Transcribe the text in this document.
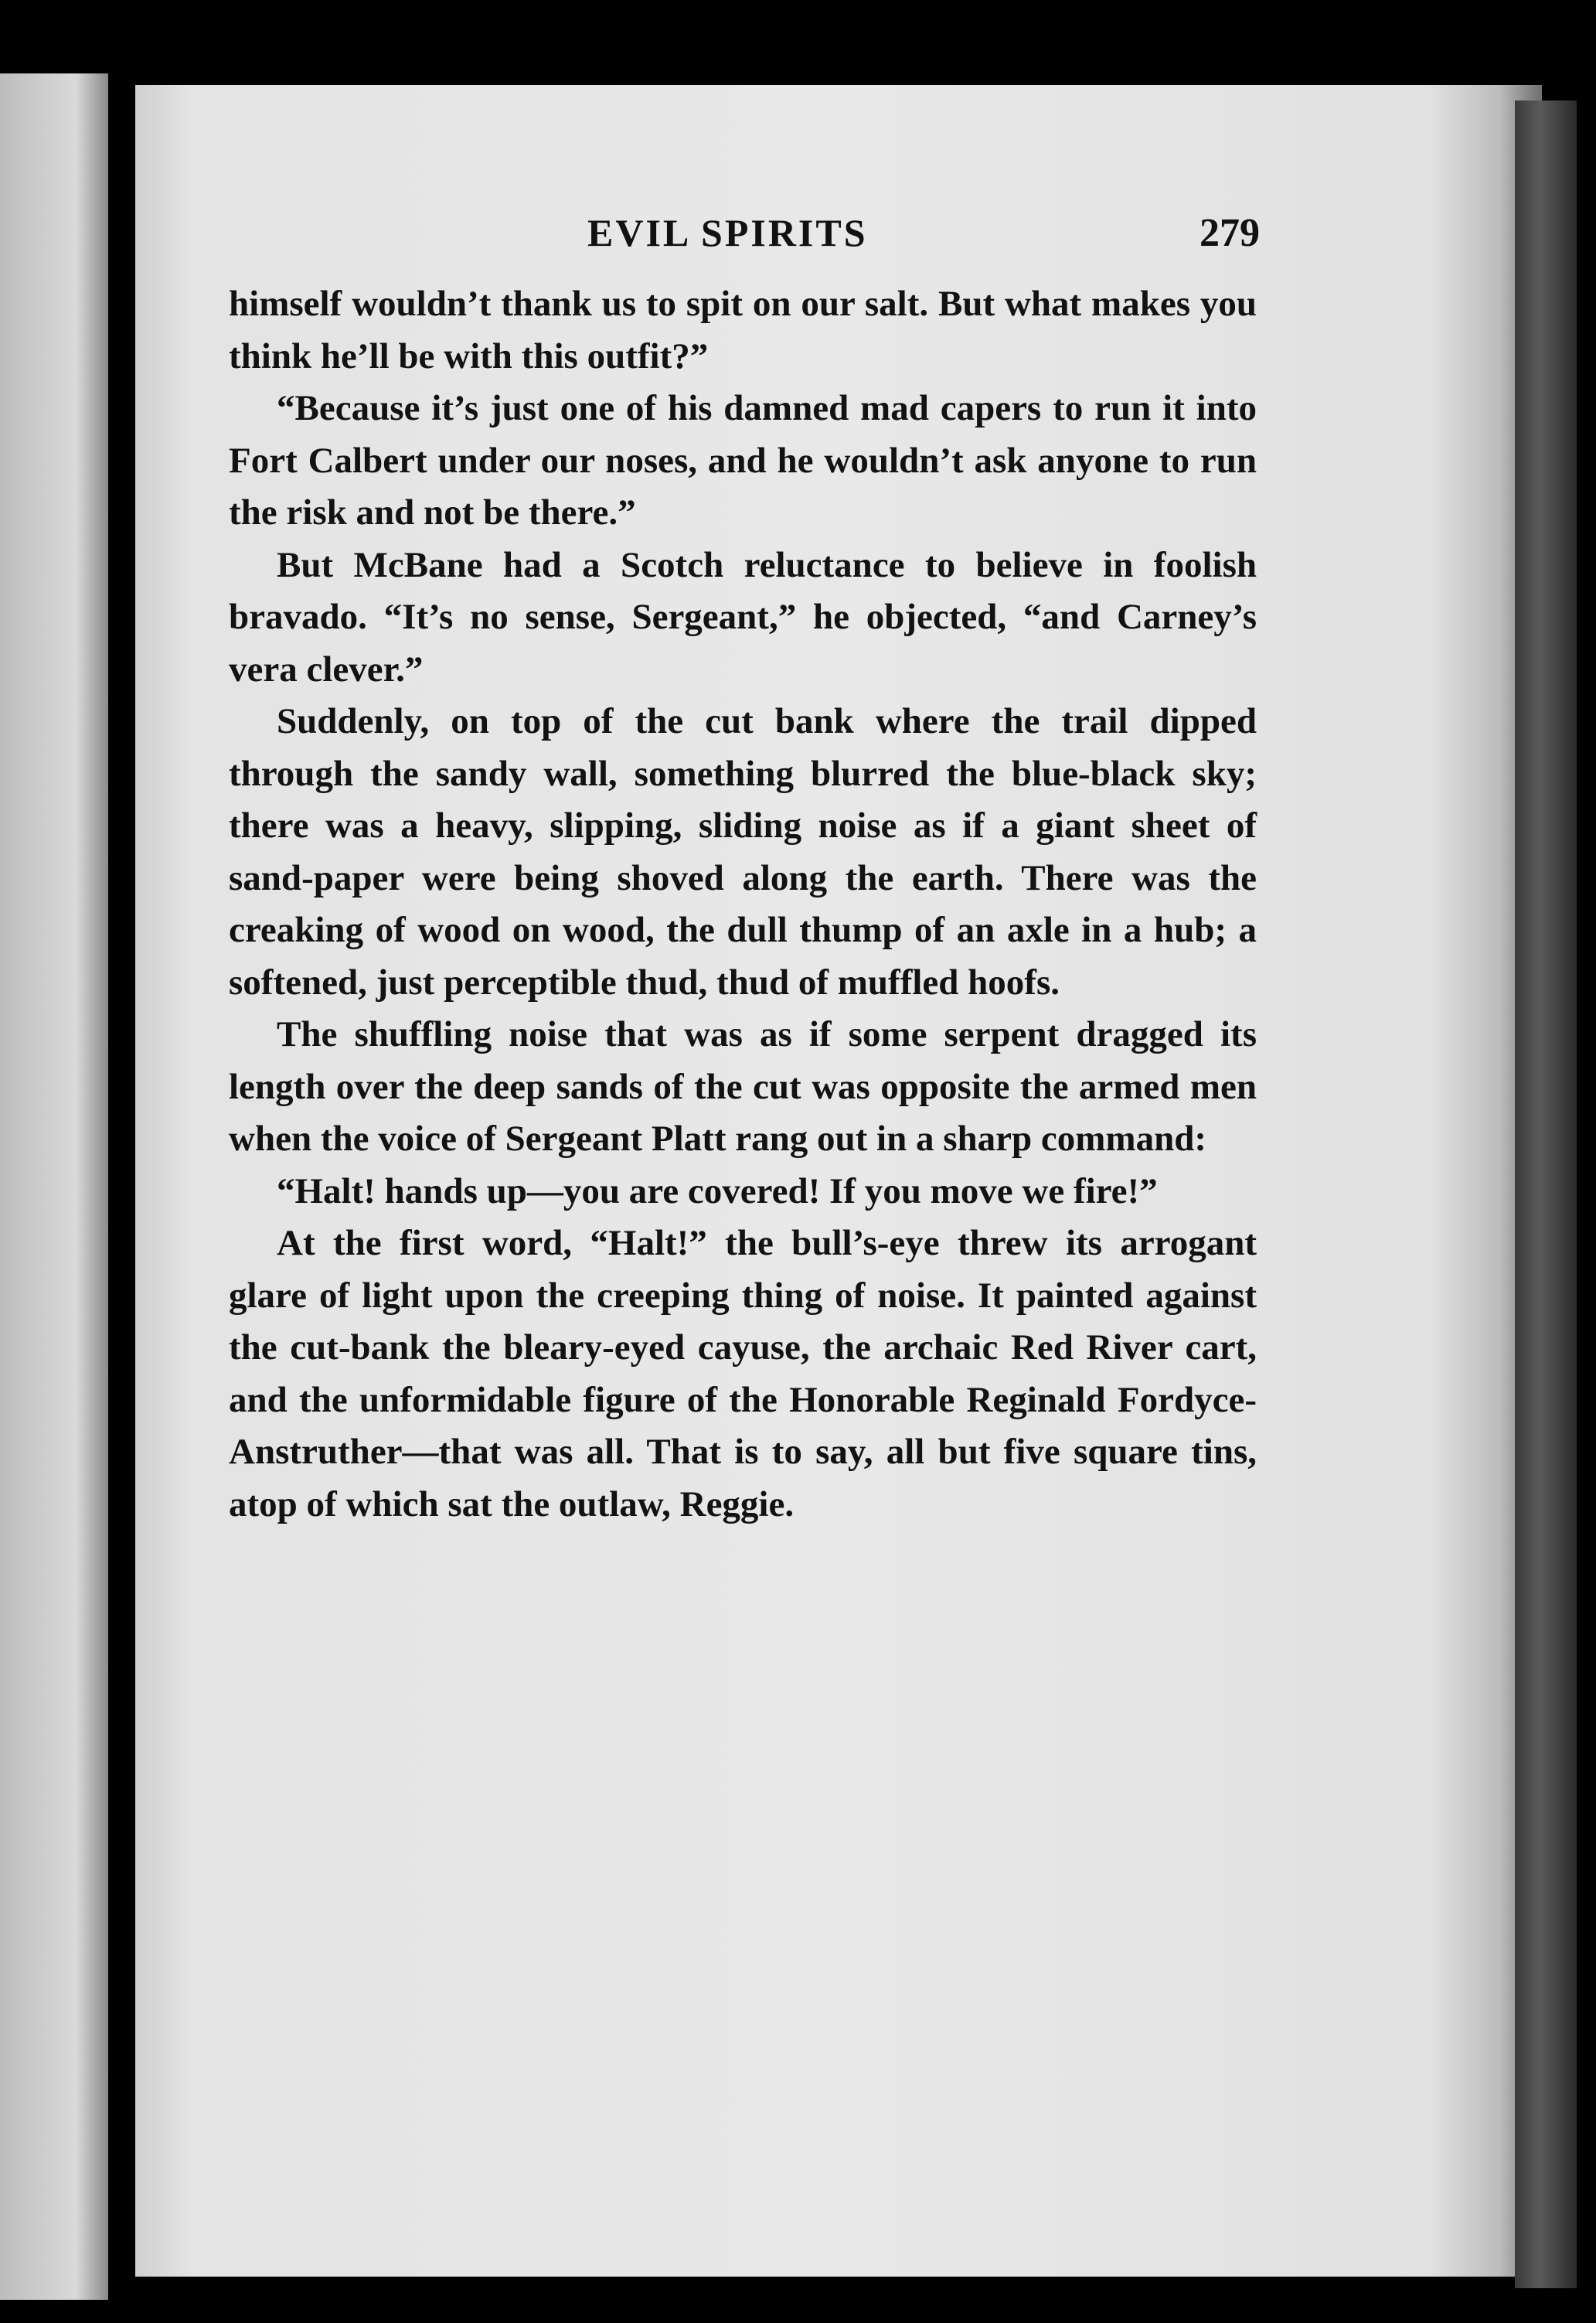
EVIL SPIRITS	279

himself wouldn’t thank us to spit on our salt. But what makes you think he’ll be with this outfit?”

“Because it’s just one of his damned mad capers to run it into Fort Calbert under our noses, and he wouldn’t ask anyone to run the risk and not be there.”

But McBane had a Scotch reluctance to believe in foolish bravado. “It’s no sense, Sergeant,” he objected, “and Carney’s vera clever.”

Suddenly, on top of the cut bank where the trail dipped through the sandy wall, something blurred the blue-black sky; there was a heavy, slipping, sliding noise as if a giant sheet of sand-paper were being shoved along the earth. There was the creaking of wood on wood, the dull thump of an axle in a hub; a softened, just perceptible thud, thud of muffled hoofs.

The shuffling noise that was as if some serpent dragged its length over the deep sands of the cut was opposite the armed men when the voice of Sergeant Platt rang out in a sharp command:

“Halt! hands up—you are covered! If you move we fire!”

At the first word, “Halt!” the bull’s-eye threw its arrogant glare of light upon the creeping thing of noise. It painted against the cut-bank the bleary-eyed cayuse, the archaic Red River cart, and the unformidable figure of the Honorable Reginald Fordyce-Anstruther—that was all. That is to say, all but five square tins, atop of which sat the outlaw, Reggie.
